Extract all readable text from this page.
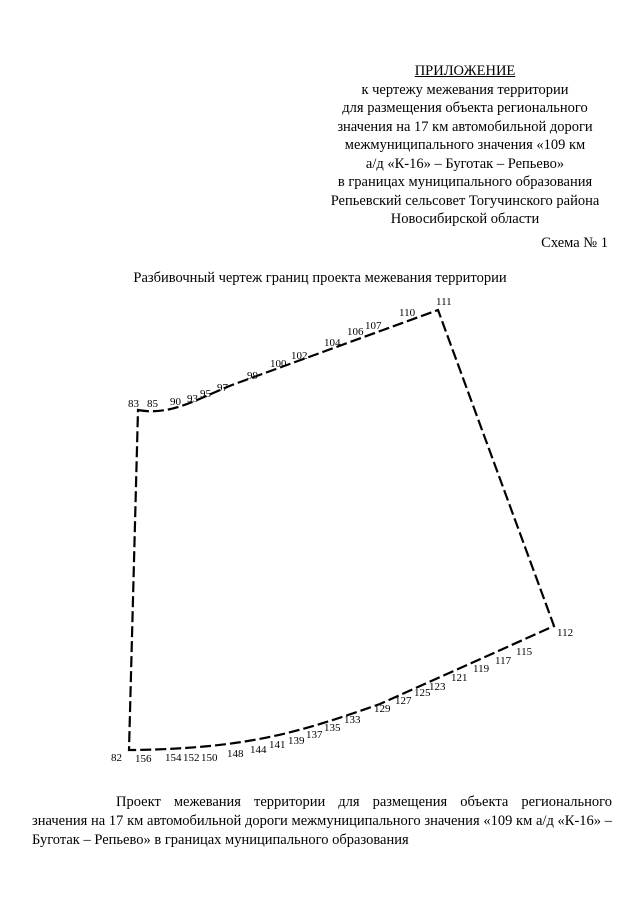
ПРИЛОЖЕНИЕ
к чертежу межевания территории
для размещения объекта регионального
значения на 17 км автомобильной дороги
межмуниципального значения «109 км
а/д «К-16» – Буготак – Репьево»
в границах муниципального образования
Репьевский сельсовет Тогучинского района
Новосибирской области
Схема № 1
Разбивочный чертеж границ проекта межевания территории
83 85 90 93 95 97
99
100
102
104
106 107
110
111
112
115
117
119
121
123
125
127
129
133
135
137
139
141
144
148
150
152
154
156
82
Проект межевания территории для размещения объекта регионального значения на 17 км автомобильной дороги межмуниципального значения «109 км а/д «К-16» – Буготак – Репьево» в границах муниципального образования
